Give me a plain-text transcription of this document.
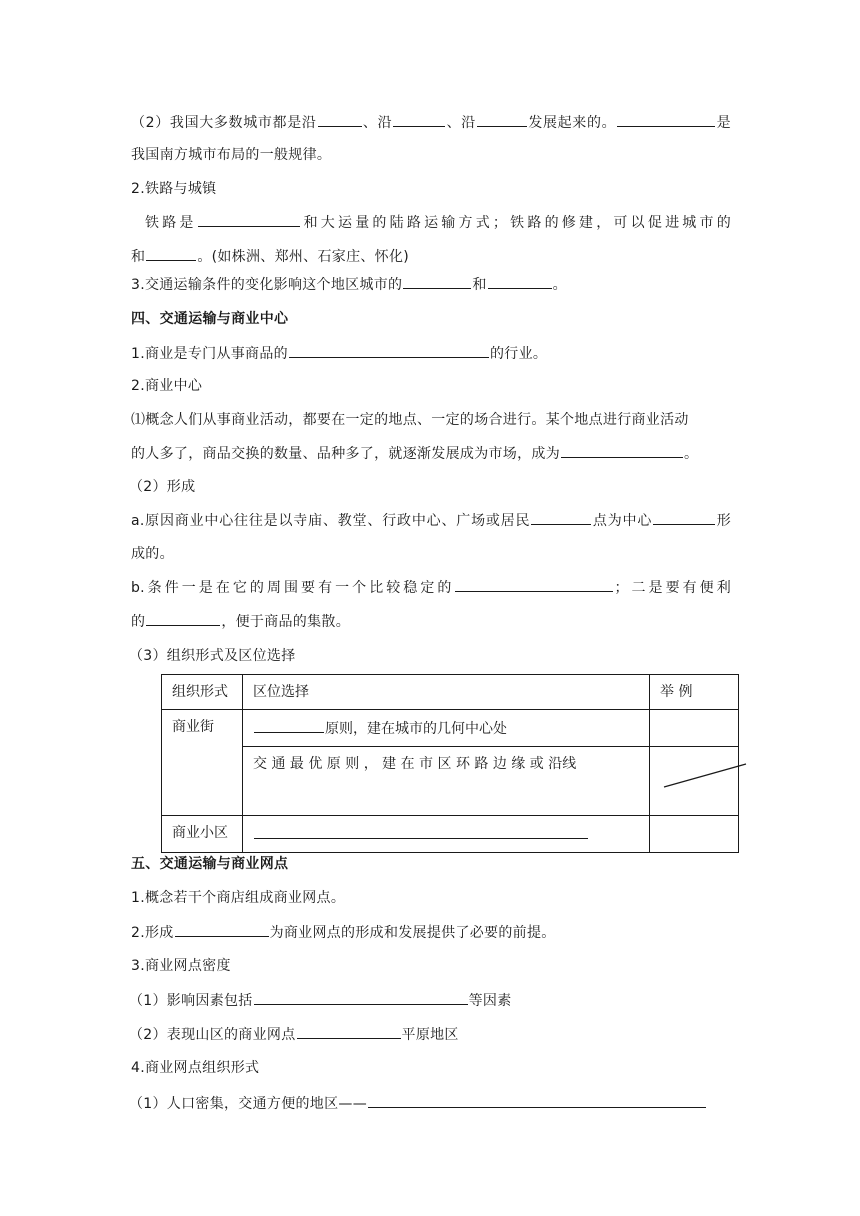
（2）我国大多数城市都是沿	、沿	、沿	发展起来的。	是
我国南方城市布局的一般规律。
2.铁路与城镇
铁路是	和大运量的陆路运输方式；铁路的修建，可以促进城市的
和	。(如株洲、郑州、石家庄、怀化)
3.交通运输条件的变化影响这个地区城市的	和	。
四、交通运输与商业中心
1.商业是专门从事商品的	的行业。
2.商业中心
⑴概念人们从事商业活动，都要在一定的地点、一定的场合进行。某个地点进行商业活动
的人多了，商品交换的数量、品种多了，就逐渐发展成为市场，成为	。
（2）形成
a.原因商业中心往往是以寺庙、教堂、行政中心、广场或居民	点为中心	形
成的。
b.条件一是在它的周围要有一个比较稳定的	；二是要有便利
的	，便于商品的集散。
（3）组织形式及区位选择
组织形式	区位选择	举 例
商业街	原则，建在城市的几何中心处	
	交 通 最 优 原 则 ， 建 在 市 区 环 路 边 缘 或 沿线	
商业小区		
五、交通运输与商业网点
1.概念若干个商店组成商业网点。
2.形成	为商业网点的形成和发展提供了必要的前提。
3.商业网点密度
（1）影响因素包括	等因素
（2）表现山区的商业网点	平原地区
4.商业网点组织形式
（1）人口密集，交通方便的地区——
